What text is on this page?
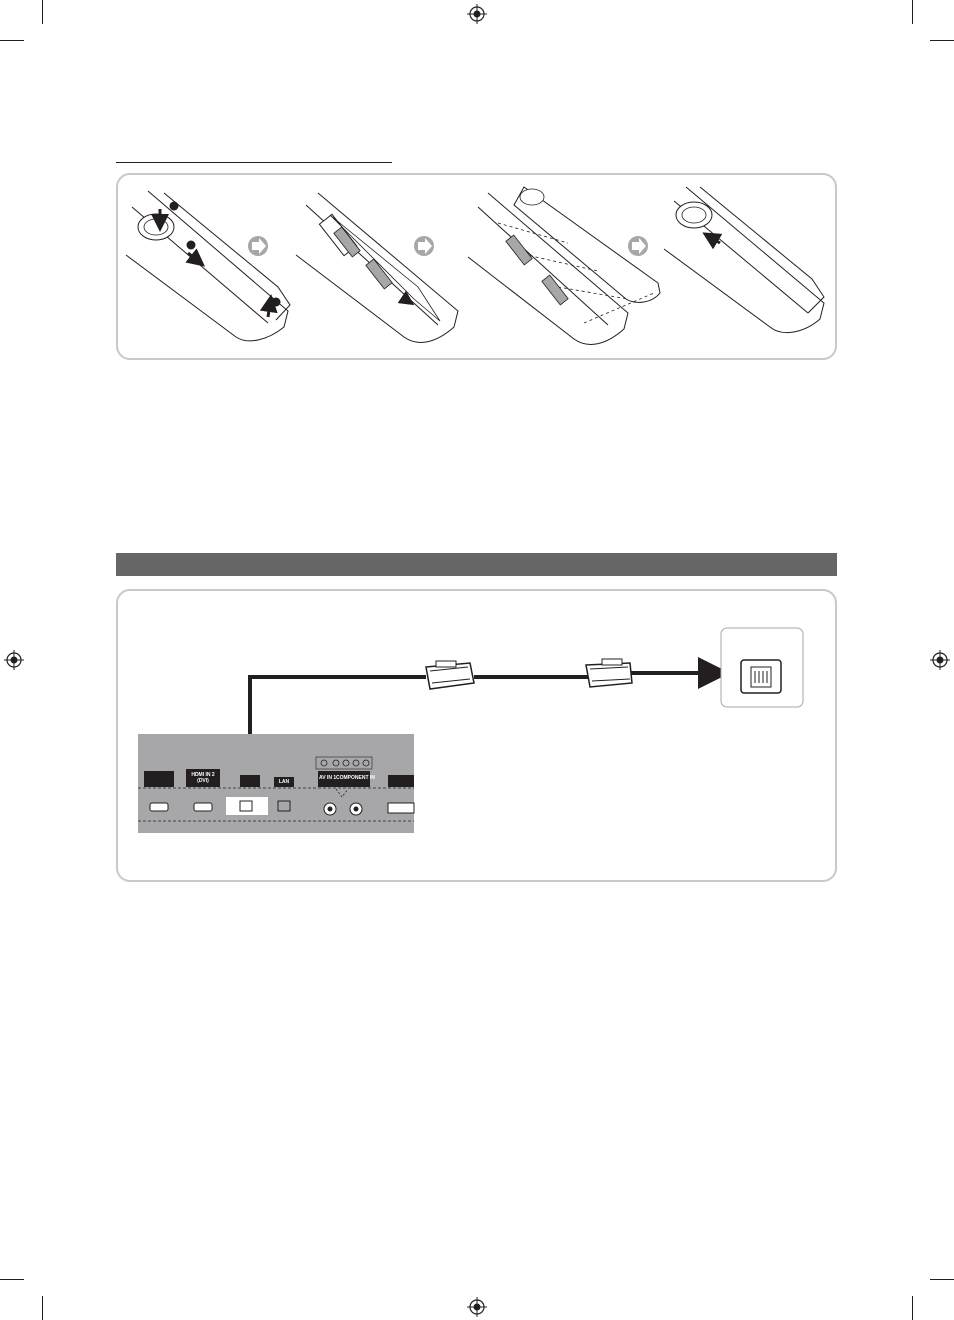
HDMI IN 2
(DVI)	LAN
AV IN 1 COMPONENT IN
